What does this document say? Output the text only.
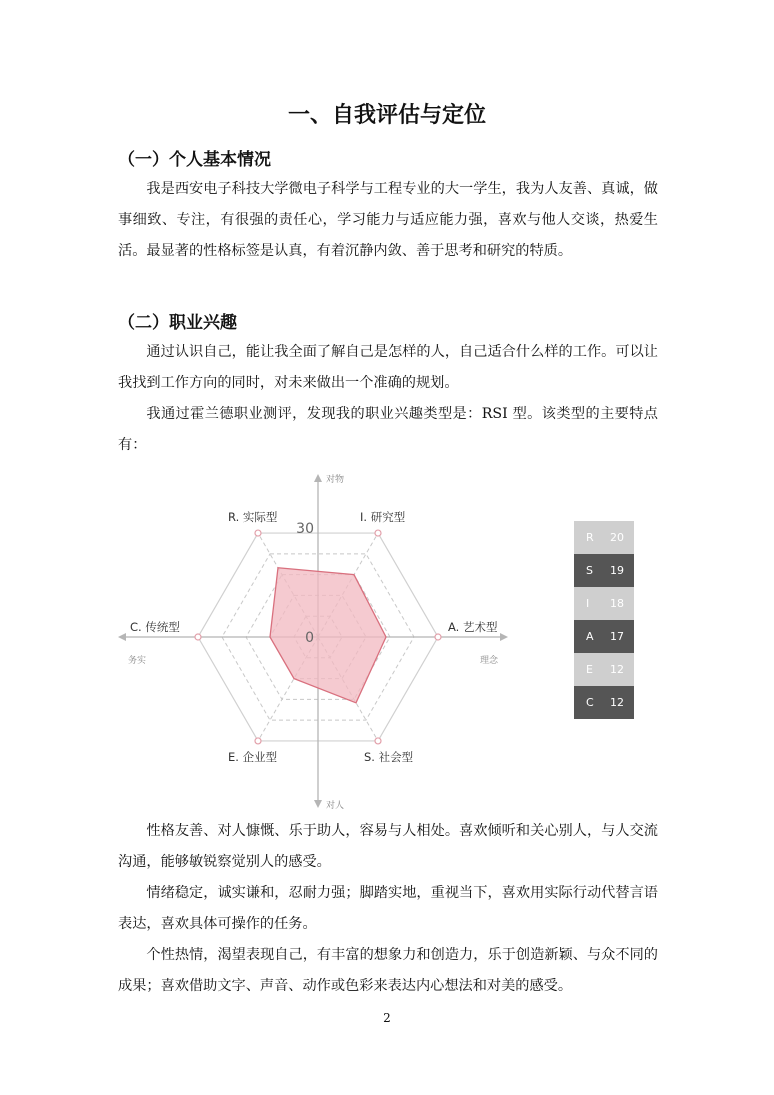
一、自我评估与定位
（一）个人基本情况

我是西安电子科技大学微电子科学与工程专业的大一学生，我为人友善、真诚，做事细致、专注，有很强的责任心，学习能力与适应能力强，喜欢与他人交谈，热爱生活。最显著的性格标签是认真，有着沉静内敛、善于思考和研究的特质。

（二）职业兴趣

通过认识自己，能让我全面了解自己是怎样的人，自己适合什么样的工作。可以让我找到工作方向的同时，对未来做出一个准确的规划。

我通过霍兰德职业测评，发现我的职业兴趣类型是：RSI 型。该类型的主要特点有：

30
0
对物
对人
务实	理念
R. 实际型	I. 研究型
A. 艺术型
S. 社会型
E. 企业型
C. 传统型
R 20
S 19
I 18
A 17
E 12
C 12

性格友善、对人慷慨、乐于助人，容易与人相处。喜欢倾听和关心别人，与人交流沟通，能够敏锐察觉别人的感受。

情绪稳定，诚实谦和，忍耐力强；脚踏实地，重视当下，喜欢用实际行动代替言语表达，喜欢具体可操作的任务。

个性热情，渴望表现自己，有丰富的想象力和创造力，乐于创造新颖、与众不同的成果；喜欢借助文字、声音、动作或色彩来表达内心想法和对美的感受。

2
